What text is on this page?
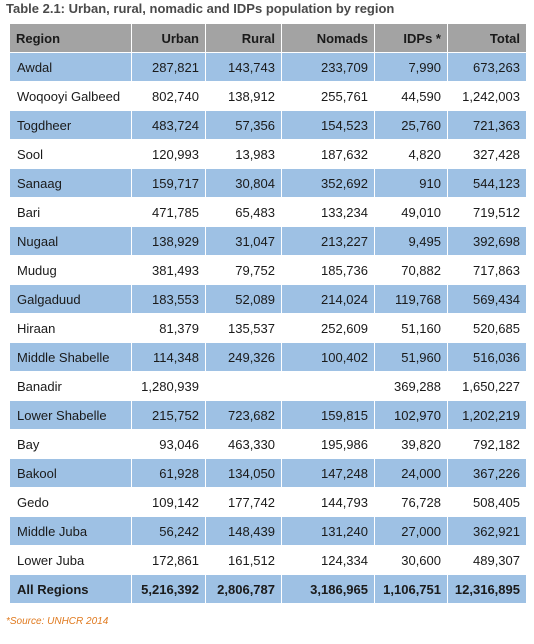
Table 2.1: Urban, rural, nomadic and IDPs population by region
Region	Urban	Rural	Nomads	IDPs *	Total
Awdal	287,821	143,743	233,709	7,990	673,263
Woqooyi Galbeed	802,740	138,912	255,761	44,590	1,242,003
Togdheer	483,724	57,356	154,523	25,760	721,363
Sool	120,993	13,983	187,632	4,820	327,428
Sanaag	159,717	30,804	352,692	910	544,123
Bari	471,785	65,483	133,234	49,010	719,512
Nugaal	138,929	31,047	213,227	9,495	392,698
Mudug	381,493	79,752	185,736	70,882	717,863
Galgaduud	183,553	52,089	214,024	119,768	569,434
Hiraan	81,379	135,537	252,609	51,160	520,685
Middle Shabelle	114,348	249,326	100,402	51,960	516,036
Banadir	1,280,939			369,288	1,650,227
Lower Shabelle	215,752	723,682	159,815	102,970	1,202,219
Bay	93,046	463,330	195,986	39,820	792,182
Bakool	61,928	134,050	147,248	24,000	367,226
Gedo	109,142	177,742	144,793	76,728	508,405
Middle Juba	56,242	148,439	131,240	27,000	362,921
Lower Juba	172,861	161,512	124,334	30,600	489,307
All Regions	5,216,392	2,806,787	3,186,965	1,106,751	12,316,895
*Source: UNHCR 2014
